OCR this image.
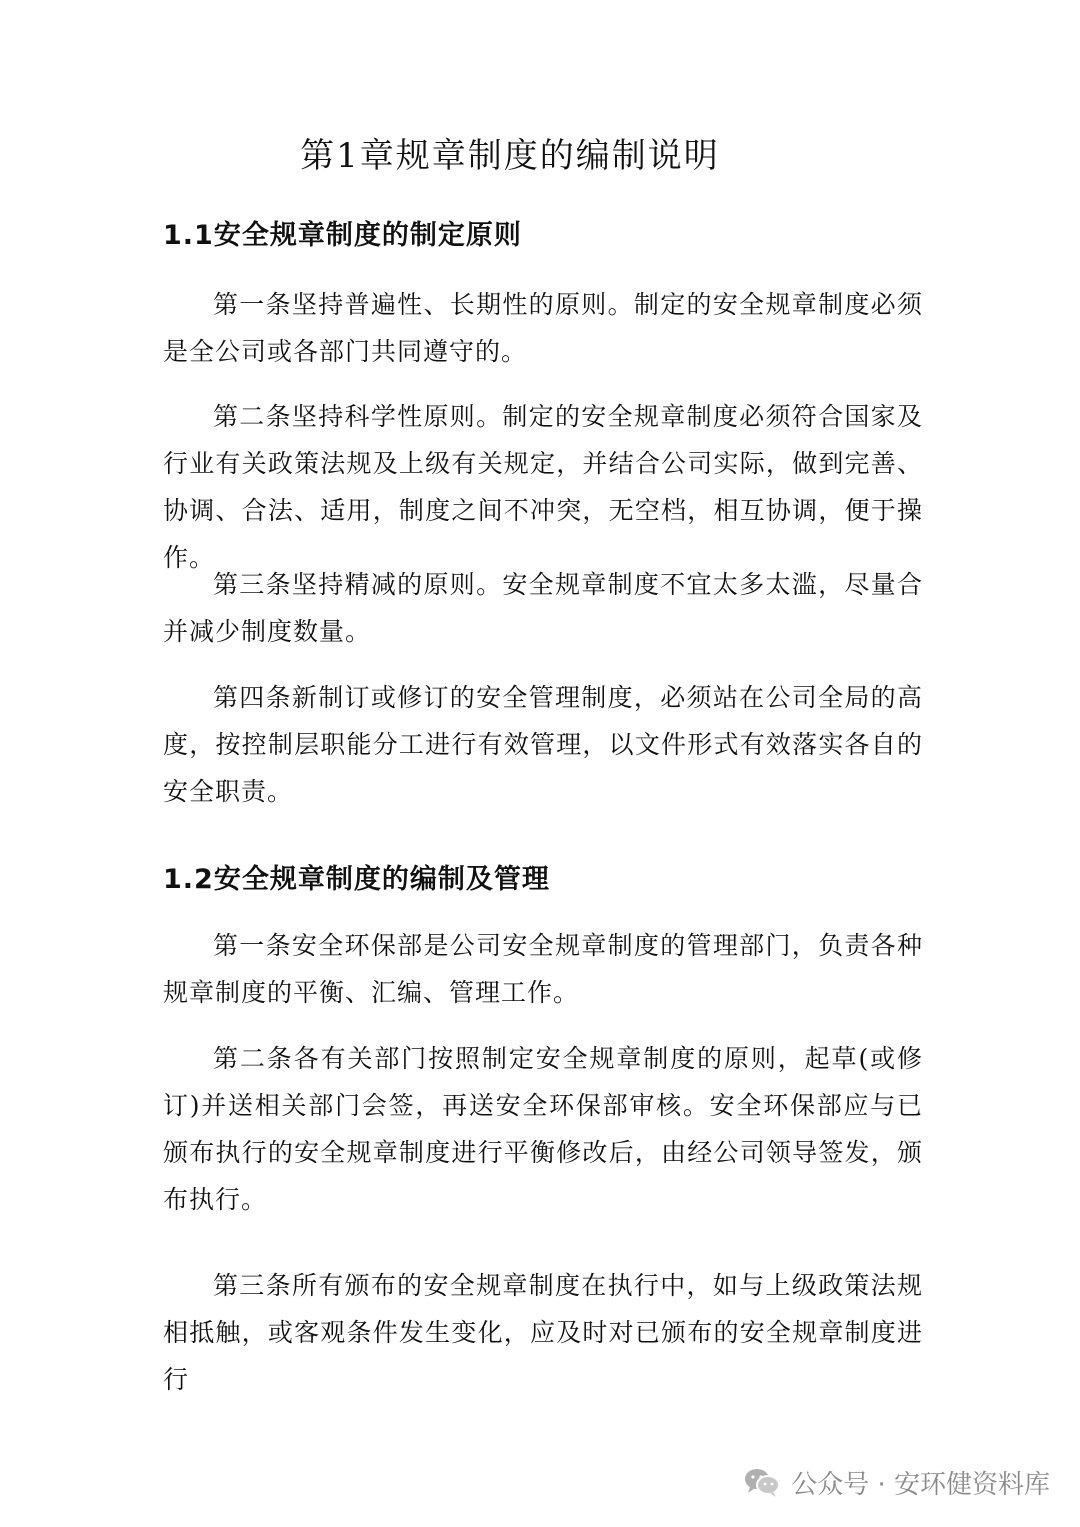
第1章规章制度的编制说明
1.1安全规章制度的制定原则

第一条坚持普遍性、长期性的原则。制定的安全规章制度必须是全公司或各部门共同遵守的。

第二条坚持科学性原则。制定的安全规章制度必须符合国家及行业有关政策法规及上级有关规定，并结合公司实际，做到完善、协调、合法、适用，制度之间不冲突，无空档，相互协调，便于操作。

第三条坚持精减的原则。安全规章制度不宜太多太滥，尽量合并减少制度数量。

第四条新制订或修订的安全管理制度，必须站在公司全局的高度，按控制层职能分工进行有效管理，以文件形式有效落实各自的安全职责。

1.2安全规章制度的编制及管理

第一条安全环保部是公司安全规章制度的管理部门，负责各种规章制度的平衡、汇编、管理工作。

第二条各有关部门按照制定安全规章制度的原则，起草(或修订)并送相关部门会签，再送安全环保部审核。安全环保部应与已颁布执行的安全规章制度进行平衡修改后，由经公司领导签发，颁布执行。

第三条所有颁布的安全规章制度在执行中，如与上级政策法规相抵触，或客观条件发生变化，应及时对已颁布的安全规章制度进行

公众号 · 安环健资料库
